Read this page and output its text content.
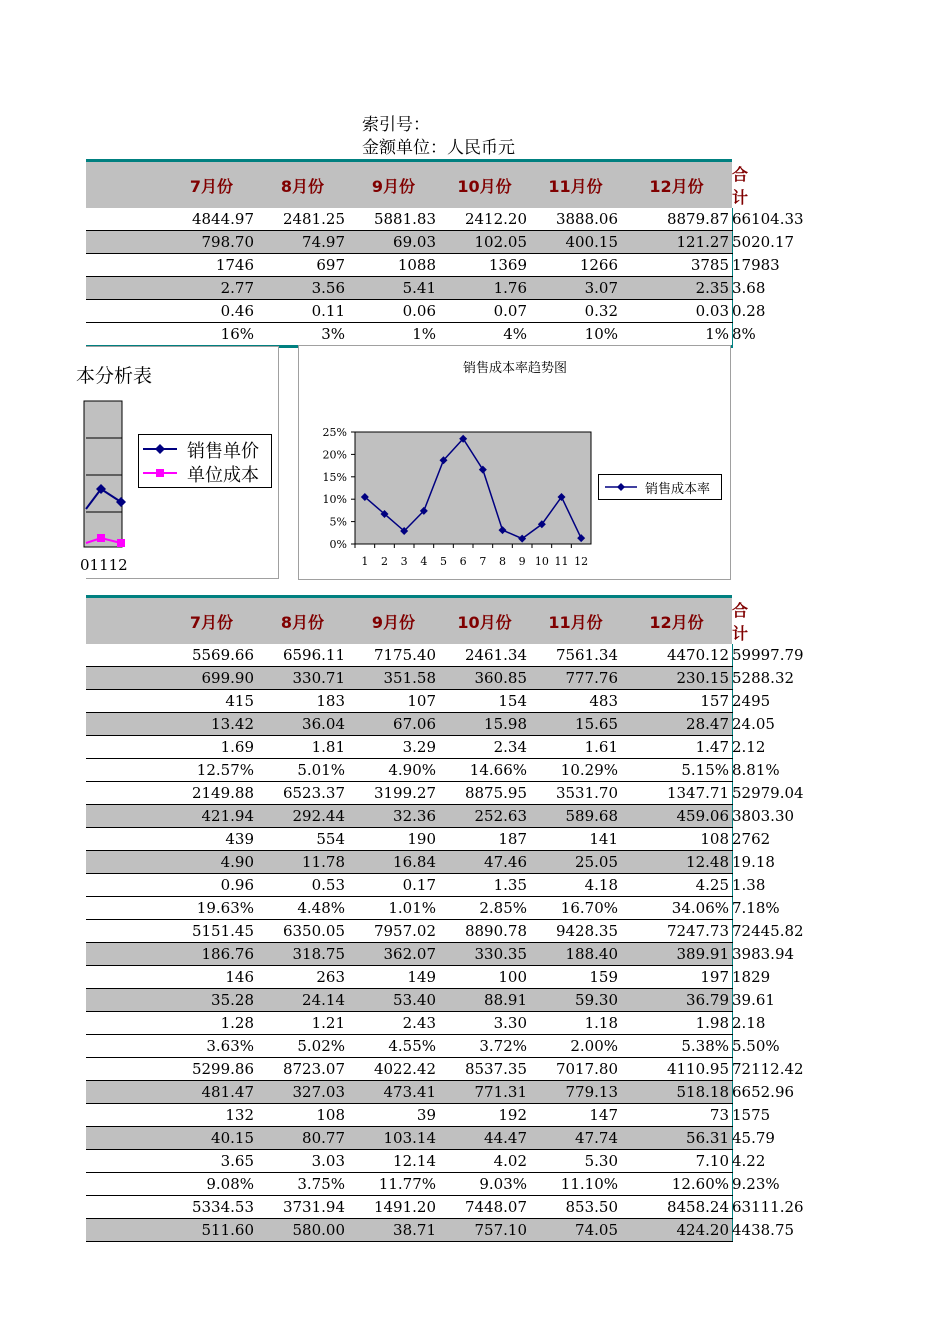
索引号：
金额单位：人民币元
	7月份	8月份	9月份	10月份	11月份	12月份	合计
	4844.97	2481.25	5881.83	2412.20	3888.06	8879.87	66104.33
	798.70	74.97	69.03	102.05	400.15	121.27	5020.17
	1746	697	1088	1369	1266	3785	17983
	2.77	3.56	5.41	1.76	3.07	2.35	3.68
	0.46	0.11	0.06	0.07	0.32	0.03	0.28
	16%	3%	1%	4%	10%	1%	8%
本分析表
01112
销售单价
单位成本
销售成本率趋势图
0%
5%
10%
15%
20%
25%
1 2 3 4 5 6 7 8 9 10 11 12
销售成本率
	7月份	8月份	9月份	10月份	11月份	12月份	合计
	5569.66	6596.11	7175.40	2461.34	7561.34	4470.12	59997.79
	699.90	330.71	351.58	360.85	777.76	230.15	5288.32
	415	183	107	154	483	157	2495
	13.42	36.04	67.06	15.98	15.65	28.47	24.05
	1.69	1.81	3.29	2.34	1.61	1.47	2.12
	12.57%	5.01%	4.90%	14.66%	10.29%	5.15%	8.81%
	2149.88	6523.37	3199.27	8875.95	3531.70	1347.71	52979.04
	421.94	292.44	32.36	252.63	589.68	459.06	3803.30
	439	554	190	187	141	108	2762
	4.90	11.78	16.84	47.46	25.05	12.48	19.18
	0.96	0.53	0.17	1.35	4.18	4.25	1.38
	19.63%	4.48%	1.01%	2.85%	16.70%	34.06%	7.18%
	5151.45	6350.05	7957.02	8890.78	9428.35	7247.73	72445.82
	186.76	318.75	362.07	330.35	188.40	389.91	3983.94
	146	263	149	100	159	197	1829
	35.28	24.14	53.40	88.91	59.30	36.79	39.61
	1.28	1.21	2.43	3.30	1.18	1.98	2.18
	3.63%	5.02%	4.55%	3.72%	2.00%	5.38%	5.50%
	5299.86	8723.07	4022.42	8537.35	7017.80	4110.95	72112.42
	481.47	327.03	473.41	771.31	779.13	518.18	6652.96
	132	108	39	192	147	73	1575
	40.15	80.77	103.14	44.47	47.74	56.31	45.79
	3.65	3.03	12.14	4.02	5.30	7.10	4.22
	9.08%	3.75%	11.77%	9.03%	11.10%	12.60%	9.23%
	5334.53	3731.94	1491.20	7448.07	853.50	8458.24	63111.26
	511.60	580.00	38.71	757.10	74.05	424.20	4438.75
